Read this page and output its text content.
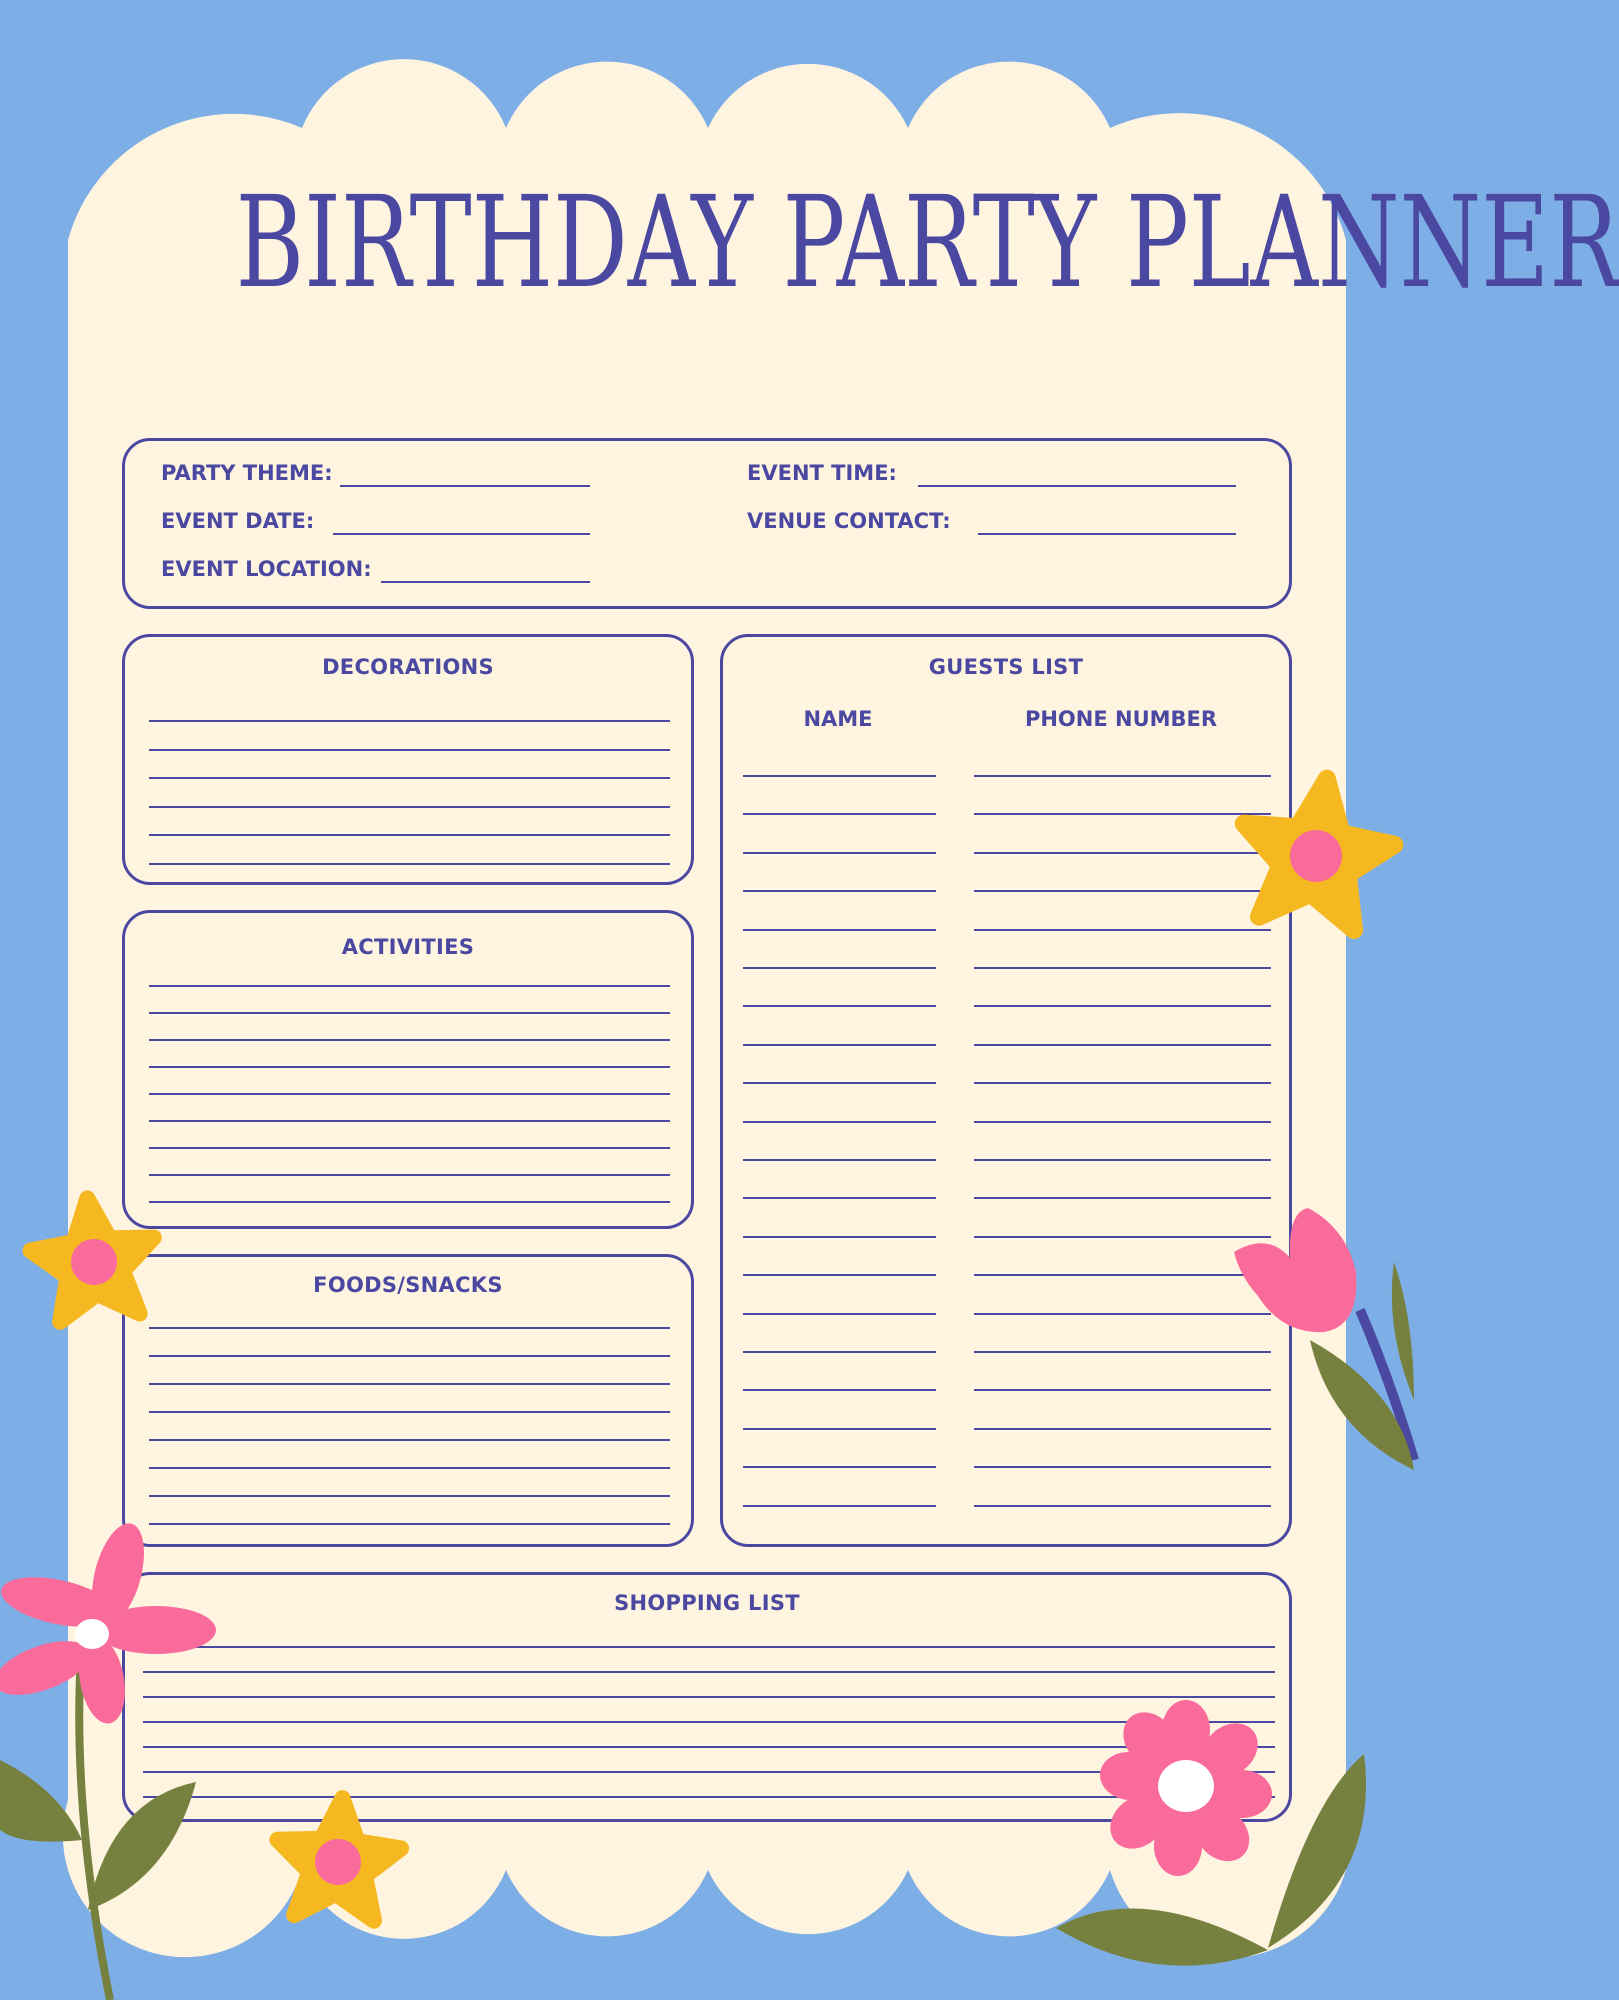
BIRTHDAY PARTY PLANNER
PARTY THEME:
EVENT DATE:
EVENT LOCATION:
EVENT TIME:
VENUE CONTACT:
DECORATIONS
ACTIVITIES
FOODS/SNACKS
GUESTS LIST
NAME	PHONE NUMBER
SHOPPING LIST
